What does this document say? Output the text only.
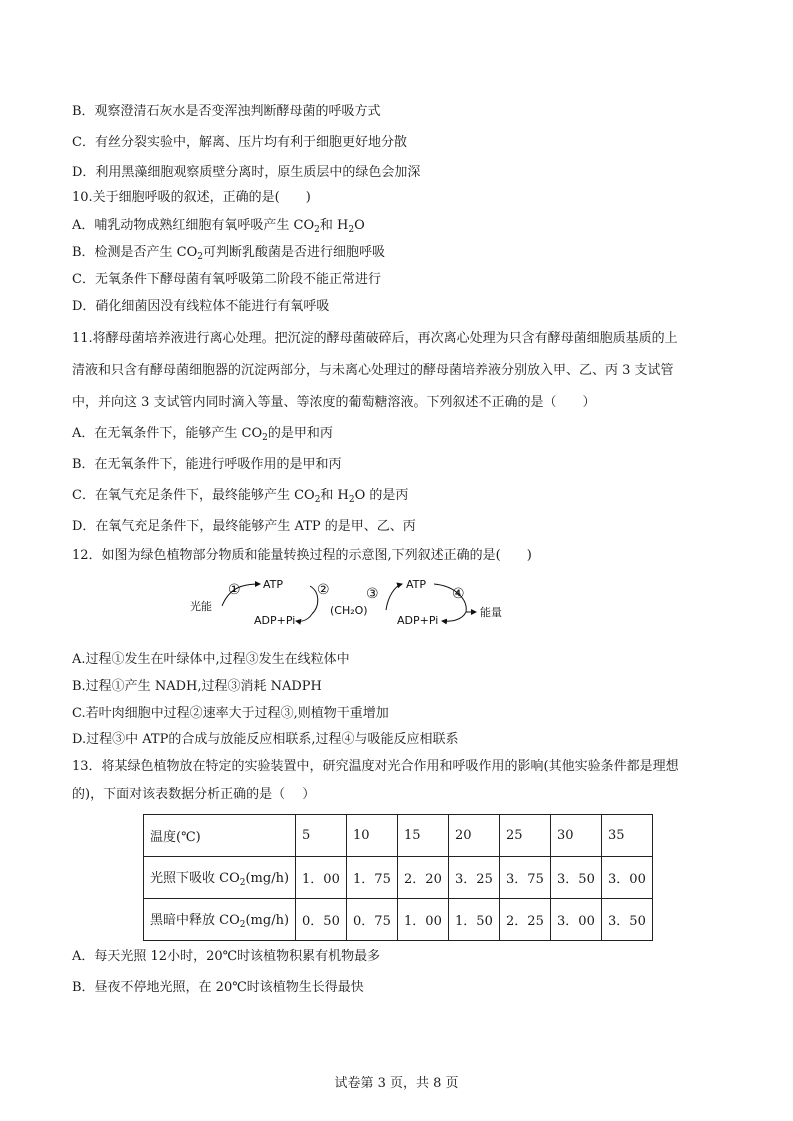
B．观察澄清石灰水是否变浑浊判断酵母菌的呼吸方式
C．有丝分裂实验中，解离、压片均有利于细胞更好地分散
D．利用黑藻细胞观察质壁分离时，原生质层中的绿色会加深
10.关于细胞呼吸的叙述，正确的是(　　)
A．哺乳动物成熟红细胞有氧呼吸产生 $CO_2$和 $H_2O$
B．检测是否产生 $CO_2$可判断乳酸菌是否进行细胞呼吸
C．无氧条件下酵母菌有氧呼吸第二阶段不能正常进行
D．硝化细菌因没有线粒体不能进行有氧呼吸
11.将酵母菌培养液进行离心处理。把沉淀的酵母菌破碎后，再次离心处理为只含有酵母菌细胞质基质的上
清液和只含有酵母菌细胞器的沉淀两部分，与未离心处理过的酵母菌培养液分别放入甲、乙、丙 3 支试管
中，并向这 3 支试管内同时滴入等量、等浓度的葡萄糖溶液。下列叙述不正确的是（　　）
A．在无氧条件下，能够产生 $CO_2$的是甲和丙
B．在无氧条件下，能进行呼吸作用的是甲和丙
C．在氧气充足条件下，最终能够产生 $CO_2$和 $H_2O$ 的是丙
D．在氧气充足条件下，最终能够产生 ATP 的是甲、乙、丙
12．如图为绿色植物部分物质和能量转换过程的示意图,下列叙述正确的是(　　)
光能
① ATP
ADP+Pi
②
(CH₂O)
③
ATP
ADP+Pi
④
能量
A.过程①发生在叶绿体中,过程③发生在线粒体中
B.过程①产生 NADH,过程③消耗 NADPH
C.若叶肉细胞中过程②速率大于过程③,则植物干重增加
D.过程③中 ATP的合成与放能反应相联系,过程④与吸能反应相联系
13．将某绿色植物放在特定的实验装置中，研究温度对光合作用和呼吸作用的影响(其他实验条件都是理想
的)，下面对该表数据分析正确的是（　 ）
温度(℃)	5	10	15	20	25	30	35
光照下吸收 $CO_2(mg/h)$	1．00	1．75	2．20	3．25	3．75	3．50	3．00
黑暗中释放 $CO_2(mg/h)$	0．50	0．75	1．00	1．50	2．25	3．00	3．50
A．每天光照 12小时，20℃时该植物积累有机物最多
B．昼夜不停地光照，在 20℃时该植物生长得最快
试卷第 3 页，共 8 页
